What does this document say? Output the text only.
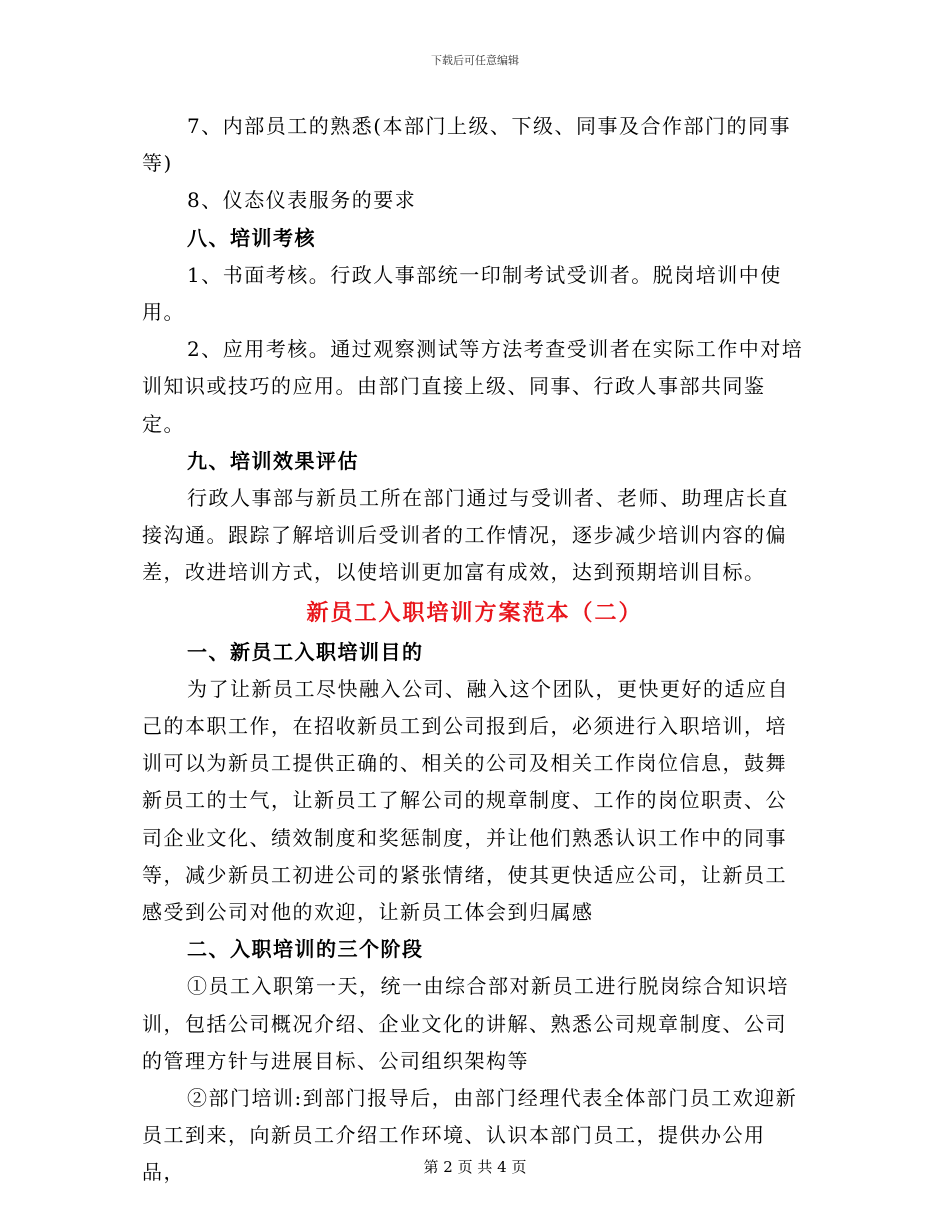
下载后可任意编辑

7、内部员工的熟悉(本部门上级、下级、同事及合作部门的同事等)

8、仪态仪表服务的要求

八、培训考核

1、书面考核。行政人事部统一印制考试受训者。脱岗培训中使用。

2、应用考核。通过观察测试等方法考查受训者在实际工作中对培训知识或技巧的应用。由部门直接上级、同事、行政人事部共同鉴定。

九、培训效果评估

行政人事部与新员工所在部门通过与受训者、老师、助理店长直接沟通。跟踪了解培训后受训者的工作情况，逐步减少培训内容的偏差，改进培训方式，以使培训更加富有成效，达到预期培训目标。

新员工入职培训方案范本（二）

一、新员工入职培训目的

为了让新员工尽快融入公司、融入这个团队，更快更好的适应自己的本职工作，在招收新员工到公司报到后，必须进行入职培训，培训可以为新员工提供正确的、相关的公司及相关工作岗位信息，鼓舞新员工的士气，让新员工了解公司的规章制度、工作的岗位职责、公司企业文化、绩效制度和奖惩制度，并让他们熟悉认识工作中的同事等，减少新员工初进公司的紧张情绪，使其更快适应公司，让新员工感受到公司对他的欢迎，让新员工体会到归属感

二、入职培训的三个阶段

①员工入职第一天，统一由综合部对新员工进行脱岗综合知识培训，包括公司概况介绍、企业文化的讲解、熟悉公司规章制度、公司的管理方针与进展目标、公司组织架构等

②部门培训:到部门报导后，由部门经理代表全体部门员工欢迎新员工到来，向新员工介绍工作环境、认识本部门员工，提供办公用品，	第 2 页 共 4 页
